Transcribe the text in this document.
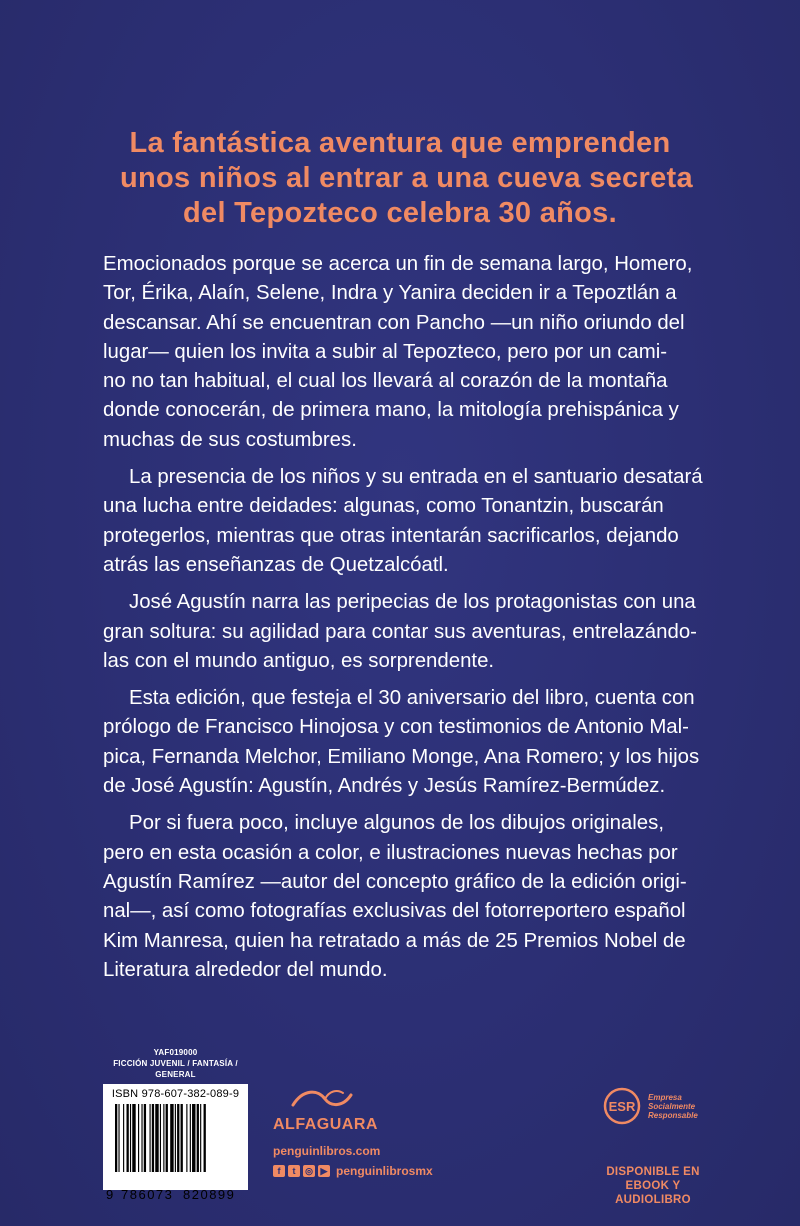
La fantástica aventura que emprenden
unos niños al entrar a una cueva secreta
del Tepozteco celebra 30 años.

Emocionados porque se acerca un fin de semana largo, Homero,
Tor, Érika, Alaín, Selene, Indra y Yanira deciden ir a Tepoztlán a
descansar. Ahí se encuentran con Pancho —un niño oriundo del
lugar— quien los invita a subir al Tepozteco, pero por un cami-
no no tan habitual, el cual los llevará al corazón de la montaña
donde conocerán, de primera mano, la mitología prehispánica y
muchas de sus costumbres.

La presencia de los niños y su entrada en el santuario desatará
una lucha entre deidades: algunas, como Tonantzin, buscarán
protegerlos, mientras que otras intentarán sacrificarlos, dejando
atrás las enseñanzas de Quetzalcóatl.

José Agustín narra las peripecias de los protagonistas con una
gran soltura: su agilidad para contar sus aventuras, entrelazándo-
las con el mundo antiguo, es sorprendente.

Esta edición, que festeja el 30 aniversario del libro, cuenta con
prólogo de Francisco Hinojosa y con testimonios de Antonio Mal-
pica, Fernanda Melchor, Emiliano Monge, Ana Romero; y los hijos
de José Agustín: Agustín, Andrés y Jesús Ramírez-Bermúdez.

Por si fuera poco, incluye algunos de los dibujos originales,
pero en esta ocasión a color, e ilustraciones nuevas hechas por
Agustín Ramírez —autor del concepto gráfico de la edición origi-
nal—, así como fotografías exclusivas del fotorreportero español
Kim Manresa, quien ha retratado a más de 25 Premios Nobel de
Literatura alrededor del mundo.

YAF019000
FICCIÓN JUVENIL / FANTASÍA / GENERAL
ISBN 978-607-382-089-9
9 786073 820899
ALFAGUARA
penguinlibros.com
f	t	◎ ▶ penguinlibrosmx
ESR
Empresa
Socialmente
Responsable
DISPONIBLE EN
EBOOK Y AUDIOLIBRO
